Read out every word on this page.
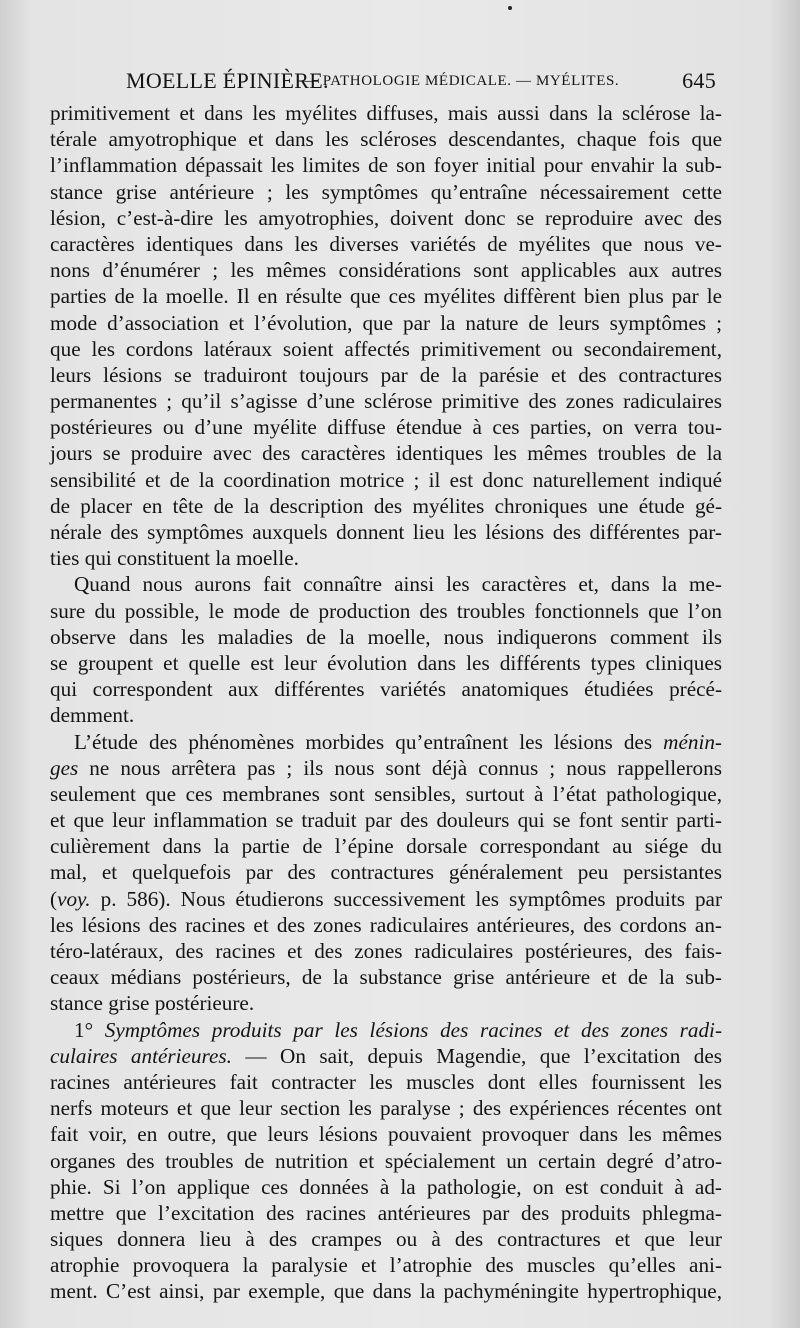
MOELLE ÉPINIÈRE.
— PATHOLOGIE MÉDICALE. — MYÉLITES.	645
primitivement et dans les myélites diffuses, mais aussi dans la sclérose la-
térale amyotrophique et dans les scléroses descendantes, chaque fois que
l’inflammation dépassait les limites de son foyer initial pour envahir la sub-
stance grise antérieure ; les symptômes qu’entraîne nécessairement cette
lésion, c’est-à-dire les amyotrophies, doivent donc se reproduire avec des
caractères identiques dans les diverses variétés de myélites que nous ve-
nons d’énumérer ; les mêmes considérations sont applicables aux autres
parties de la moelle. Il en résulte que ces myélites diffèrent bien plus par le
mode d’association et l’évolution, que par la nature de leurs symptômes ;
que les cordons latéraux soient affectés primitivement ou secondairement,
leurs lésions se traduiront toujours par de la parésie et des contractures
permanentes ; qu’il s’agisse d’une sclérose primitive des zones radiculaires
postérieures ou d’une myélite diffuse étendue à ces parties, on verra tou-
jours se produire avec des caractères identiques les mêmes troubles de la
sensibilité et de la coordination motrice ; il est donc naturellement indiqué
de placer en tête de la description des myélites chroniques une étude gé-
nérale des symptômes auxquels donnent lieu les lésions des différentes par-
ties qui constituent la moelle.
Quand nous aurons fait connaître ainsi les caractères et, dans la me-
sure du possible, le mode de production des troubles fonctionnels que l’on
observe dans les maladies de la moelle, nous indiquerons comment ils
se groupent et quelle est leur évolution dans les différents types cliniques
qui correspondent aux différentes variétés anatomiques étudiées précé-
demment.
L’étude des phénomènes morbides qu’entraînent les lésions des ménin-
ges ne nous arrêtera pas ; ils nous sont déjà connus ; nous rappellerons
seulement que ces membranes sont sensibles, surtout à l’état pathologique,
et que leur inflammation se traduit par des douleurs qui se font sentir parti-
culièrement dans la partie de l’épine dorsale correspondant au siége du
mal, et quelquefois par des contractures généralement peu persistantes
(voy. p. 586). Nous étudierons successivement les symptômes produits par
les lésions des racines et des zones radiculaires antérieures, des cordons an-
téro-latéraux, des racines et des zones radiculaires postérieures, des fais-
ceaux médians postérieurs, de la substance grise antérieure et de la sub-
stance grise postérieure.
1° Symptômes produits par les lésions des racines et des zones radi-
culaires antérieures. — On sait, depuis Magendie, que l’excitation des
racines antérieures fait contracter les muscles dont elles fournissent les
nerfs moteurs et que leur section les paralyse ; des expériences récentes ont
fait voir, en outre, que leurs lésions pouvaient provoquer dans les mêmes
organes des troubles de nutrition et spécialement un certain degré d’atro-
phie. Si l’on applique ces données à la pathologie, on est conduit à ad-
mettre que l’excitation des racines antérieures par des produits phlegma-
siques donnera lieu à des crampes ou à des contractures et que leur
atrophie provoquera la paralysie et l’atrophie des muscles qu’elles ani-
ment. C’est ainsi, par exemple, que dans la pachyméningite hypertrophique,
